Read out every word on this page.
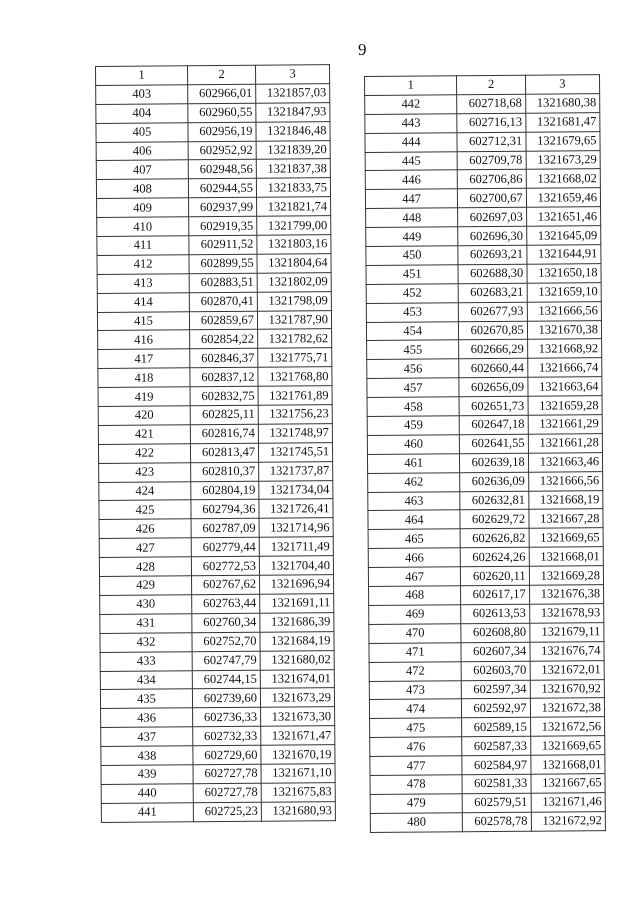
9
1	2	3
403	602966,01	1321857,03
404	602960,55	1321847,93
405	602956,19	1321846,48
406	602952,92	1321839,20
407	602948,56	1321837,38
408	602944,55	1321833,75
409	602937,99	1321821,74
410	602919,35	1321799,00
411	602911,52	1321803,16
412	602899,55	1321804,64
413	602883,51	1321802,09
414	602870,41	1321798,09
415	602859,67	1321787,90
416	602854,22	1321782,62
417	602846,37	1321775,71
418	602837,12	1321768,80
419	602832,75	1321761,89
420	602825,11	1321756,23
421	602816,74	1321748,97
422	602813,47	1321745,51
423	602810,37	1321737,87
424	602804,19	1321734,04
425	602794,36	1321726,41
426	602787,09	1321714,96
427	602779,44	1321711,49
428	602772,53	1321704,40
429	602767,62	1321696,94
430	602763,44	1321691,11
431	602760,34	1321686,39
432	602752,70	1321684,19
433	602747,79	1321680,02
434	602744,15	1321674,01
435	602739,60	1321673,29
436	602736,33	1321673,30
437	602732,33	1321671,47
438	602729,60	1321670,19
439	602727,78	1321671,10
440	602727,78	1321675,83
441	602725,23	1321680,93
1	2	3
442	602718,68	1321680,38
443	602716,13	1321681,47
444	602712,31	1321679,65
445	602709,78	1321673,29
446	602706,86	1321668,02
447	602700,67	1321659,46
448	602697,03	1321651,46
449	602696,30	1321645,09
450	602693,21	1321644,91
451	602688,30	1321650,18
452	602683,21	1321659,10
453	602677,93	1321666,56
454	602670,85	1321670,38
455	602666,29	1321668,92
456	602660,44	1321666,74
457	602656,09	1321663,64
458	602651,73	1321659,28
459	602647,18	1321661,29
460	602641,55	1321661,28
461	602639,18	1321663,46
462	602636,09	1321666,56
463	602632,81	1321668,19
464	602629,72	1321667,28
465	602626,82	1321669,65
466	602624,26	1321668,01
467	602620,11	1321669,28
468	602617,17	1321676,38
469	602613,53	1321678,93
470	602608,80	1321679,11
471	602607,34	1321676,74
472	602603,70	1321672,01
473	602597,34	1321670,92
474	602592,97	1321672,38
475	602589,15	1321672,56
476	602587,33	1321669,65
477	602584,97	1321668,01
478	602581,33	1321667,65
479	602579,51	1321671,46
480	602578,78	1321672,92
